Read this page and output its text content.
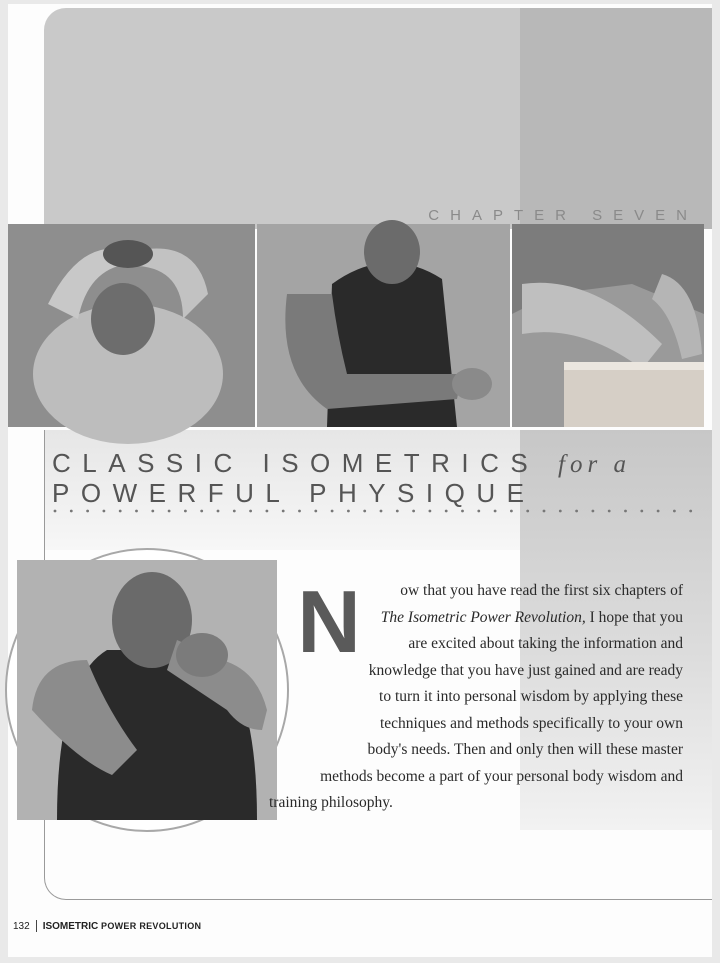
CHAPTER SEVEN
CLASSIC ISOMETRICS for a
POWERFUL PHYSIQUE
N	ow that you have read the first six chapters of
The Isometric Power Revolution, I hope that you
are excited about taking the information and
knowledge that you have just gained and are ready
to turn it into personal wisdom by applying these
techniques and methods specifically to your own
body's needs. Then and only then will these master
methods become a part of your personal body wisdom and
training philosophy.

132 ISOMETRIC
POWER REVOLUTION
